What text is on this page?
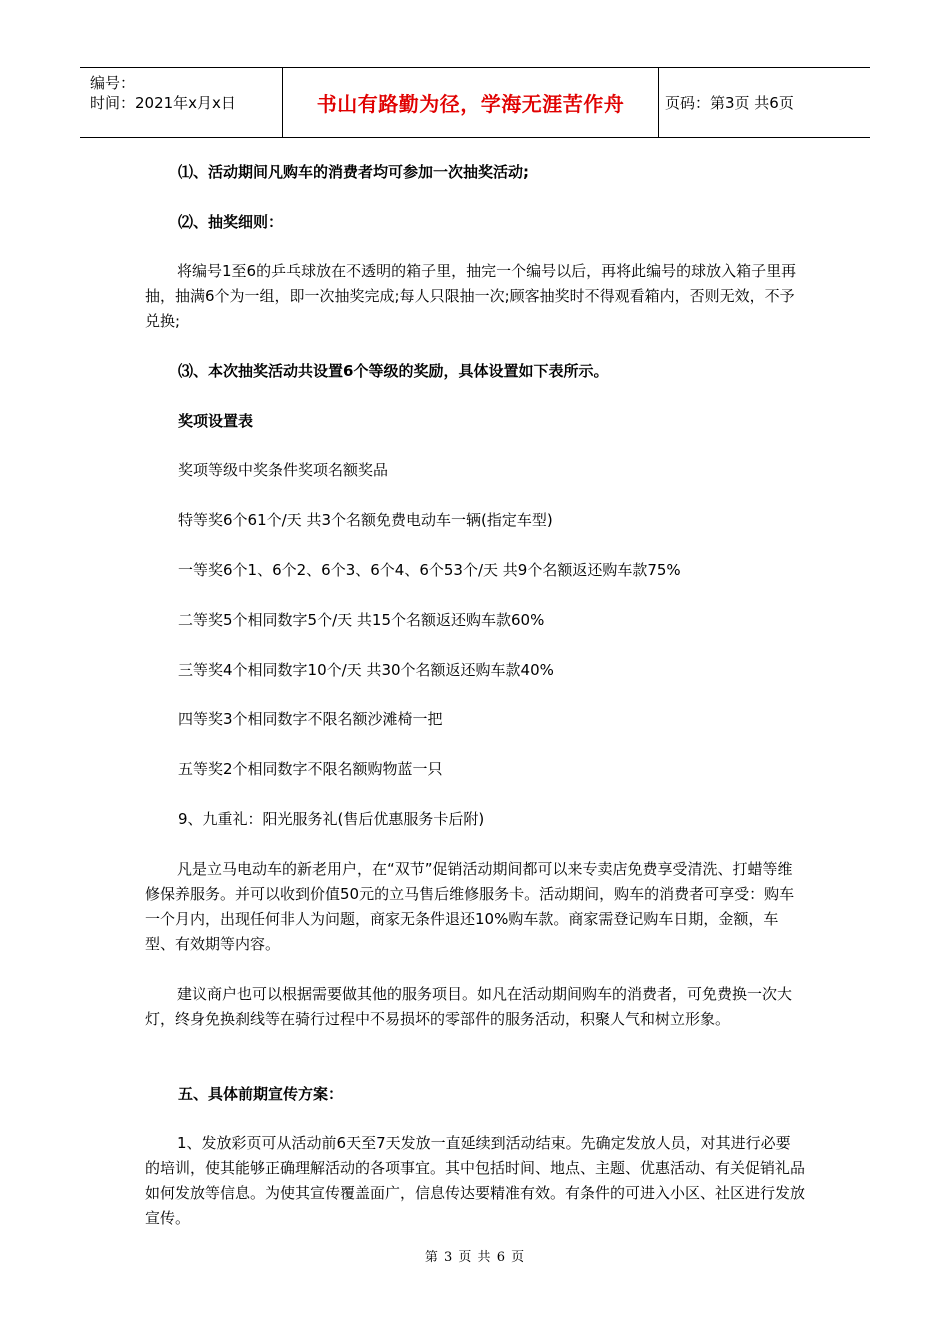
编号：
时间：2021年x月x日	书山有路勤为径，学海无涯苦作舟	页码：第3页 共6页
⑴、活动期间凡购车的消费者均可参加一次抽奖活动;
⑵、抽奖细则：
将编号1至6的乒乓球放在不透明的箱子里，抽完一个编号以后，再将此编号的球放入箱子里再抽，抽满6个为一组，即一次抽奖完成;每人只限抽一次;顾客抽奖时不得观看箱内，否则无效，不予兑换;
⑶、本次抽奖活动共设置6个等级的奖励，具体设置如下表所示。
奖项设置表
奖项等级中奖条件奖项名额奖品
特等奖6个61个/天 共3个名额免费电动车一辆(指定车型)
一等奖6个1、6个2、6个3、6个4、6个53个/天 共9个名额返还购车款75%
二等奖5个相同数字5个/天 共15个名额返还购车款60%
三等奖4个相同数字10个/天 共30个名额返还购车款40%
四等奖3个相同数字不限名额沙滩椅一把
五等奖2个相同数字不限名额购物蓝一只
9、九重礼：阳光服务礼(售后优惠服务卡后附)
凡是立马电动车的新老用户，在“双节”促销活动期间都可以来专卖店免费享受清洗、打蜡等维修保养服务。并可以收到价值50元的立马售后维修服务卡。活动期间，购车的消费者可享受：购车一个月内，出现任何非人为问题，商家无条件退还10%购车款。商家需登记购车日期，金额，车型、有效期等内容。
建议商户也可以根据需要做其他的服务项目。如凡在活动期间购车的消费者，可免费换一次大灯，终身免换刹线等在骑行过程中不易损坏的零部件的服务活动，积聚人气和树立形象。
五、具体前期宣传方案：
1、发放彩页可从活动前6天至7天发放一直延续到活动结束。先确定发放人员，对其进行必要的培训，使其能够正确理解活动的各项事宜。其中包括时间、地点、主题、优惠活动、有关促销礼品如何发放等信息。为使其宣传覆盖面广，信息传达要精准有效。有条件的可进入小区、社区进行发放宣传。
第 3 页 共 6 页
